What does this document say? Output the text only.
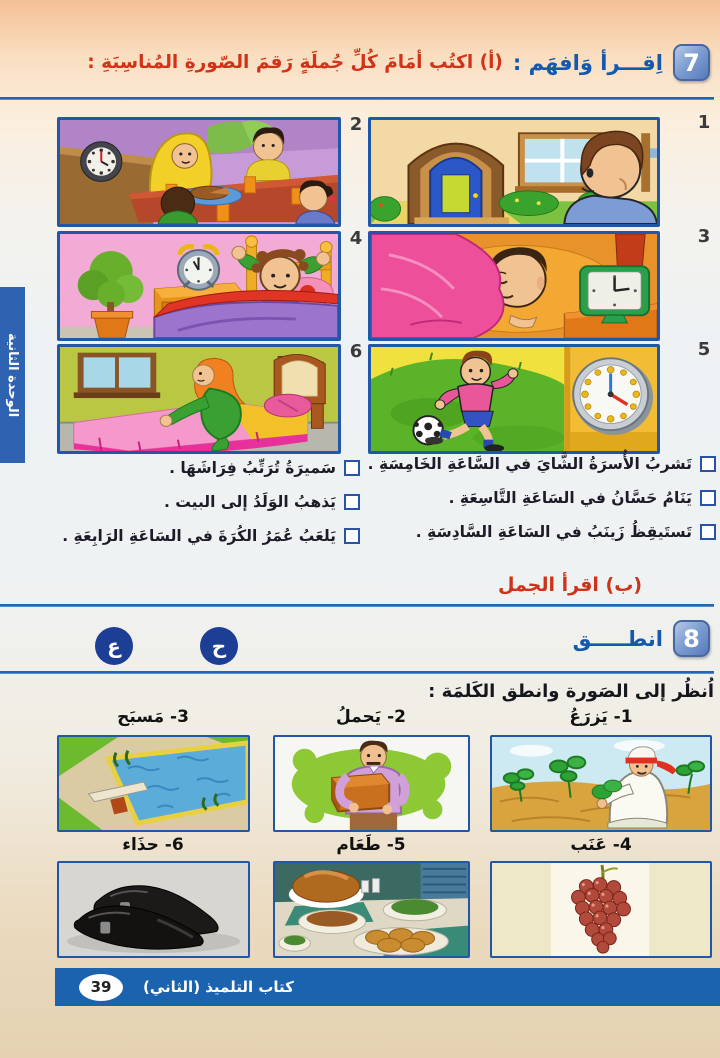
الوحدة الثانية
7
اِقـــرأ وَافهَم :
(أ) اكتُب أمَامَ كُلِّ جُملَةٍ رَقمَ الصّورةِ المُناسِبَةِ :
1
2
3
4
5
6
تَشربُ الأُسرَةُ الشَّايَ في السَّاعَةِ الخَامِسَةِ .
يَنَامُ حَسَّانُ في السَاعَةِ التَّاسِعَةِ .
تَستَيقِظُ زَينَبُ في السَاعَةِ السَّادِسَةِ .
سَميرَةُ تُرَتِّبُ فِرَاشَهَا .
يَذهبُ الوَلَدُ إلى البيت .
يَلعَبُ عُمَرُ الكُرَةَ في السَاعَةِ الرَابِعَةِ .
(ب) اقرأ الجمل
8
انطـــــق
ع	ح
اُنظُر إلى الصَورة وانطق الكَلمَة :
1- يَزرَعُ
2- يَحملُ
3- مَسبَح
4- عَنَب
5- طَعَام
6- حذَاء
39	كتاب التلميذ (الثاني)
